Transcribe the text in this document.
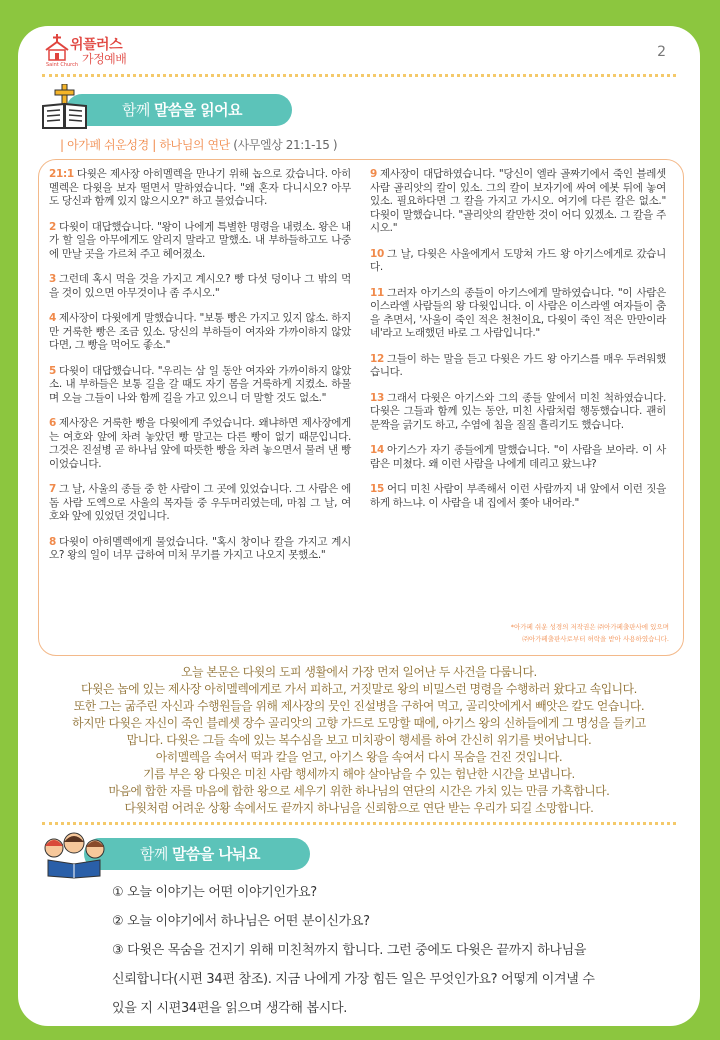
위플러스
가정예배
Saint Church
2
함께 말씀을 읽어요
| 아가페 쉬운성경 | 하나님의 연단 (사무엘상 21:1-15 )

21:1 다윗은 제사장 아히멜렉을 만나기 위해 놉으로 갔습니다. 아히멜렉은 다윗을 보자 떨면서 말하였습니다. "왜 혼자 다니시오? 아무도 당신과 함께 있지 않으시오?" 하고 물었습니다.

2 다윗이 대답했습니다. "왕이 나에게 특별한 명령을 내렸소. 왕은 내가 할 일을 아무에게도 알리지 말라고 말했소. 내 부하들하고도 나중에 만날 곳을 가르쳐 주고 헤어졌소.

3 그런데 혹시 먹을 것을 가지고 계시오? 빵 다섯 덩이나 그 밖의 먹을 것이 있으면 아무것이나 좀 주시오."

4 제사장이 다윗에게 말했습니다. "보통 빵은 가지고 있지 않소. 하지만 거룩한 빵은 조금 있소. 당신의 부하들이 여자와 가까이하지 않았다면, 그 빵을 먹어도 좋소."

5 다윗이 대답했습니다. "우리는 삼 일 동안 여자와 가까이하지 않았소. 내 부하들은 보통 길을 갈 때도 자기 몸을 거룩하게 지켰소. 하물며 오늘 그들이 나와 함께 길을 가고 있으니 더 말할 것도 없소."

6 제사장은 거룩한 빵을 다윗에게 주었습니다. 왜냐하면 제사장에게는 여호와 앞에 차려 놓았던 빵 말고는 다른 빵이 없기 때문입니다. 그것은 진설병 곧 하나님 앞에 따뜻한 빵을 차려 놓으면서 물려 낸 빵이었습니다.

7 그 날, 사울의 종들 중 한 사람이 그 곳에 있었습니다. 그 사람은 에돔 사람 도엑으로 사울의 목자들 중 우두머리였는데, 마침 그 날, 여호와 앞에 있었던 것입니다.

8 다윗이 아히멜렉에게 물었습니다. "혹시 창이나 칼을 가지고 계시오? 왕의 일이 너무 급하여 미처 무기를 가지고 나오지 못했소."

9 제사장이 대답하였습니다. "당신이 엘라 골짜기에서 죽인 블레셋 사람 골리앗의 칼이 있소. 그의 칼이 보자기에 싸여 에봇 뒤에 놓여 있소. 필요하다면 그 칼을 가지고 가시오. 여기에 다른 칼은 없소." 다윗이 말했습니다. "골리앗의 칼만한 것이 어디 있겠소. 그 칼을 주시오."

10 그 날, 다윗은 사울에게서 도망쳐 가드 왕 아기스에게로 갔습니다.

11 그러자 아기스의 종들이 아기스에게 말하였습니다. "이 사람은 이스라엘 사람들의 왕 다윗입니다. 이 사람은 이스라엘 여자들이 춤을 추면서, '사울이 죽인 적은 천천이요, 다윗이 죽인 적은 만만이라네'라고 노래했던 바로 그 사람입니다."

12 그들이 하는 말을 듣고 다윗은 가드 왕 아기스를 매우 두려워했습니다.

13 그래서 다윗은 아기스와 그의 종들 앞에서 미친 척하였습니다. 다윗은 그들과 함께 있는 동안, 미친 사람처럼 행동했습니다. 괜히 문짝을 긁기도 하고, 수염에 침을 질질 흘리기도 했습니다.

14 아기스가 자기 종들에게 말했습니다. "이 사람을 보아라. 이 사람은 미쳤다. 왜 이런 사람을 나에게 데리고 왔느냐?

15 어디 미친 사람이 부족해서 이런 사람까지 내 앞에서 이런 짓을 하게 하느냐. 이 사람을 내 집에서 쫓아 내어라."

*아가페 쉬운 성경의 저작권은 ㈜아가페출판사에 있으며
㈜아가페출판사로부터 허락을 받아 사용하였습니다.

오늘 본문은 다윗의 도피 생활에서 가장 먼저 일어난 두 사건을 다룹니다.

다윗은 놉에 있는 제사장 아히멜렉에게로 가서 피하고, 거짓말로 왕의 비밀스런 명령을 수행하러 왔다고 속입니다.

또한 그는 굶주린 자신과 수행원들을 위해 제사장의 뭇인 진설병을 구하여 먹고, 골리앗에게서 빼앗은 칼도 얻습니다.

하지만 다윗은 자신이 죽인 블레셋 장수 골리앗의 고향 가드로 도망할 때에, 아기스 왕의 신하들에게 그 명성을 들키고

맙니다. 다윗은 그들 속에 있는 복수심을 보고 미치광이 행세를 하여 간신히 위기를 벗어납니다.

아히멜렉을 속여서 떡과 칼을 얻고, 아기스 왕을 속여서 다시 목숨을 건진 것입니다.

기름 부은 왕 다윗은 미친 사람 행세까지 해야 살아남을 수 있는 험난한 시간을 보냅니다.

마음에 합한 자를 마음에 합한 왕으로 세우기 위한 하나님의 연단의 시간은 가치 있는 만큼 가혹합니다.

다윗처럼 어려운 상황 속에서도 끝까지 하나님을 신뢰함으로 연단 받는 우리가 되길 소망합니다.

함께 말씀을 나눠요

① 오늘 이야기는 어떤 이야기인가요?

② 오늘 이야기에서 하나님은 어떤 분이신가요?

③ 다윗은 목숨을 건지기 위해 미친척까지 합니다. 그런 중에도 다윗은 끝까지 하나님을

신뢰합니다(시편 34편 참조). 지금 나에게 가장 힘든 일은 무엇인가요? 어떻게 이겨낼 수

있을 지 시편34편을 읽으며 생각해 봅시다.
